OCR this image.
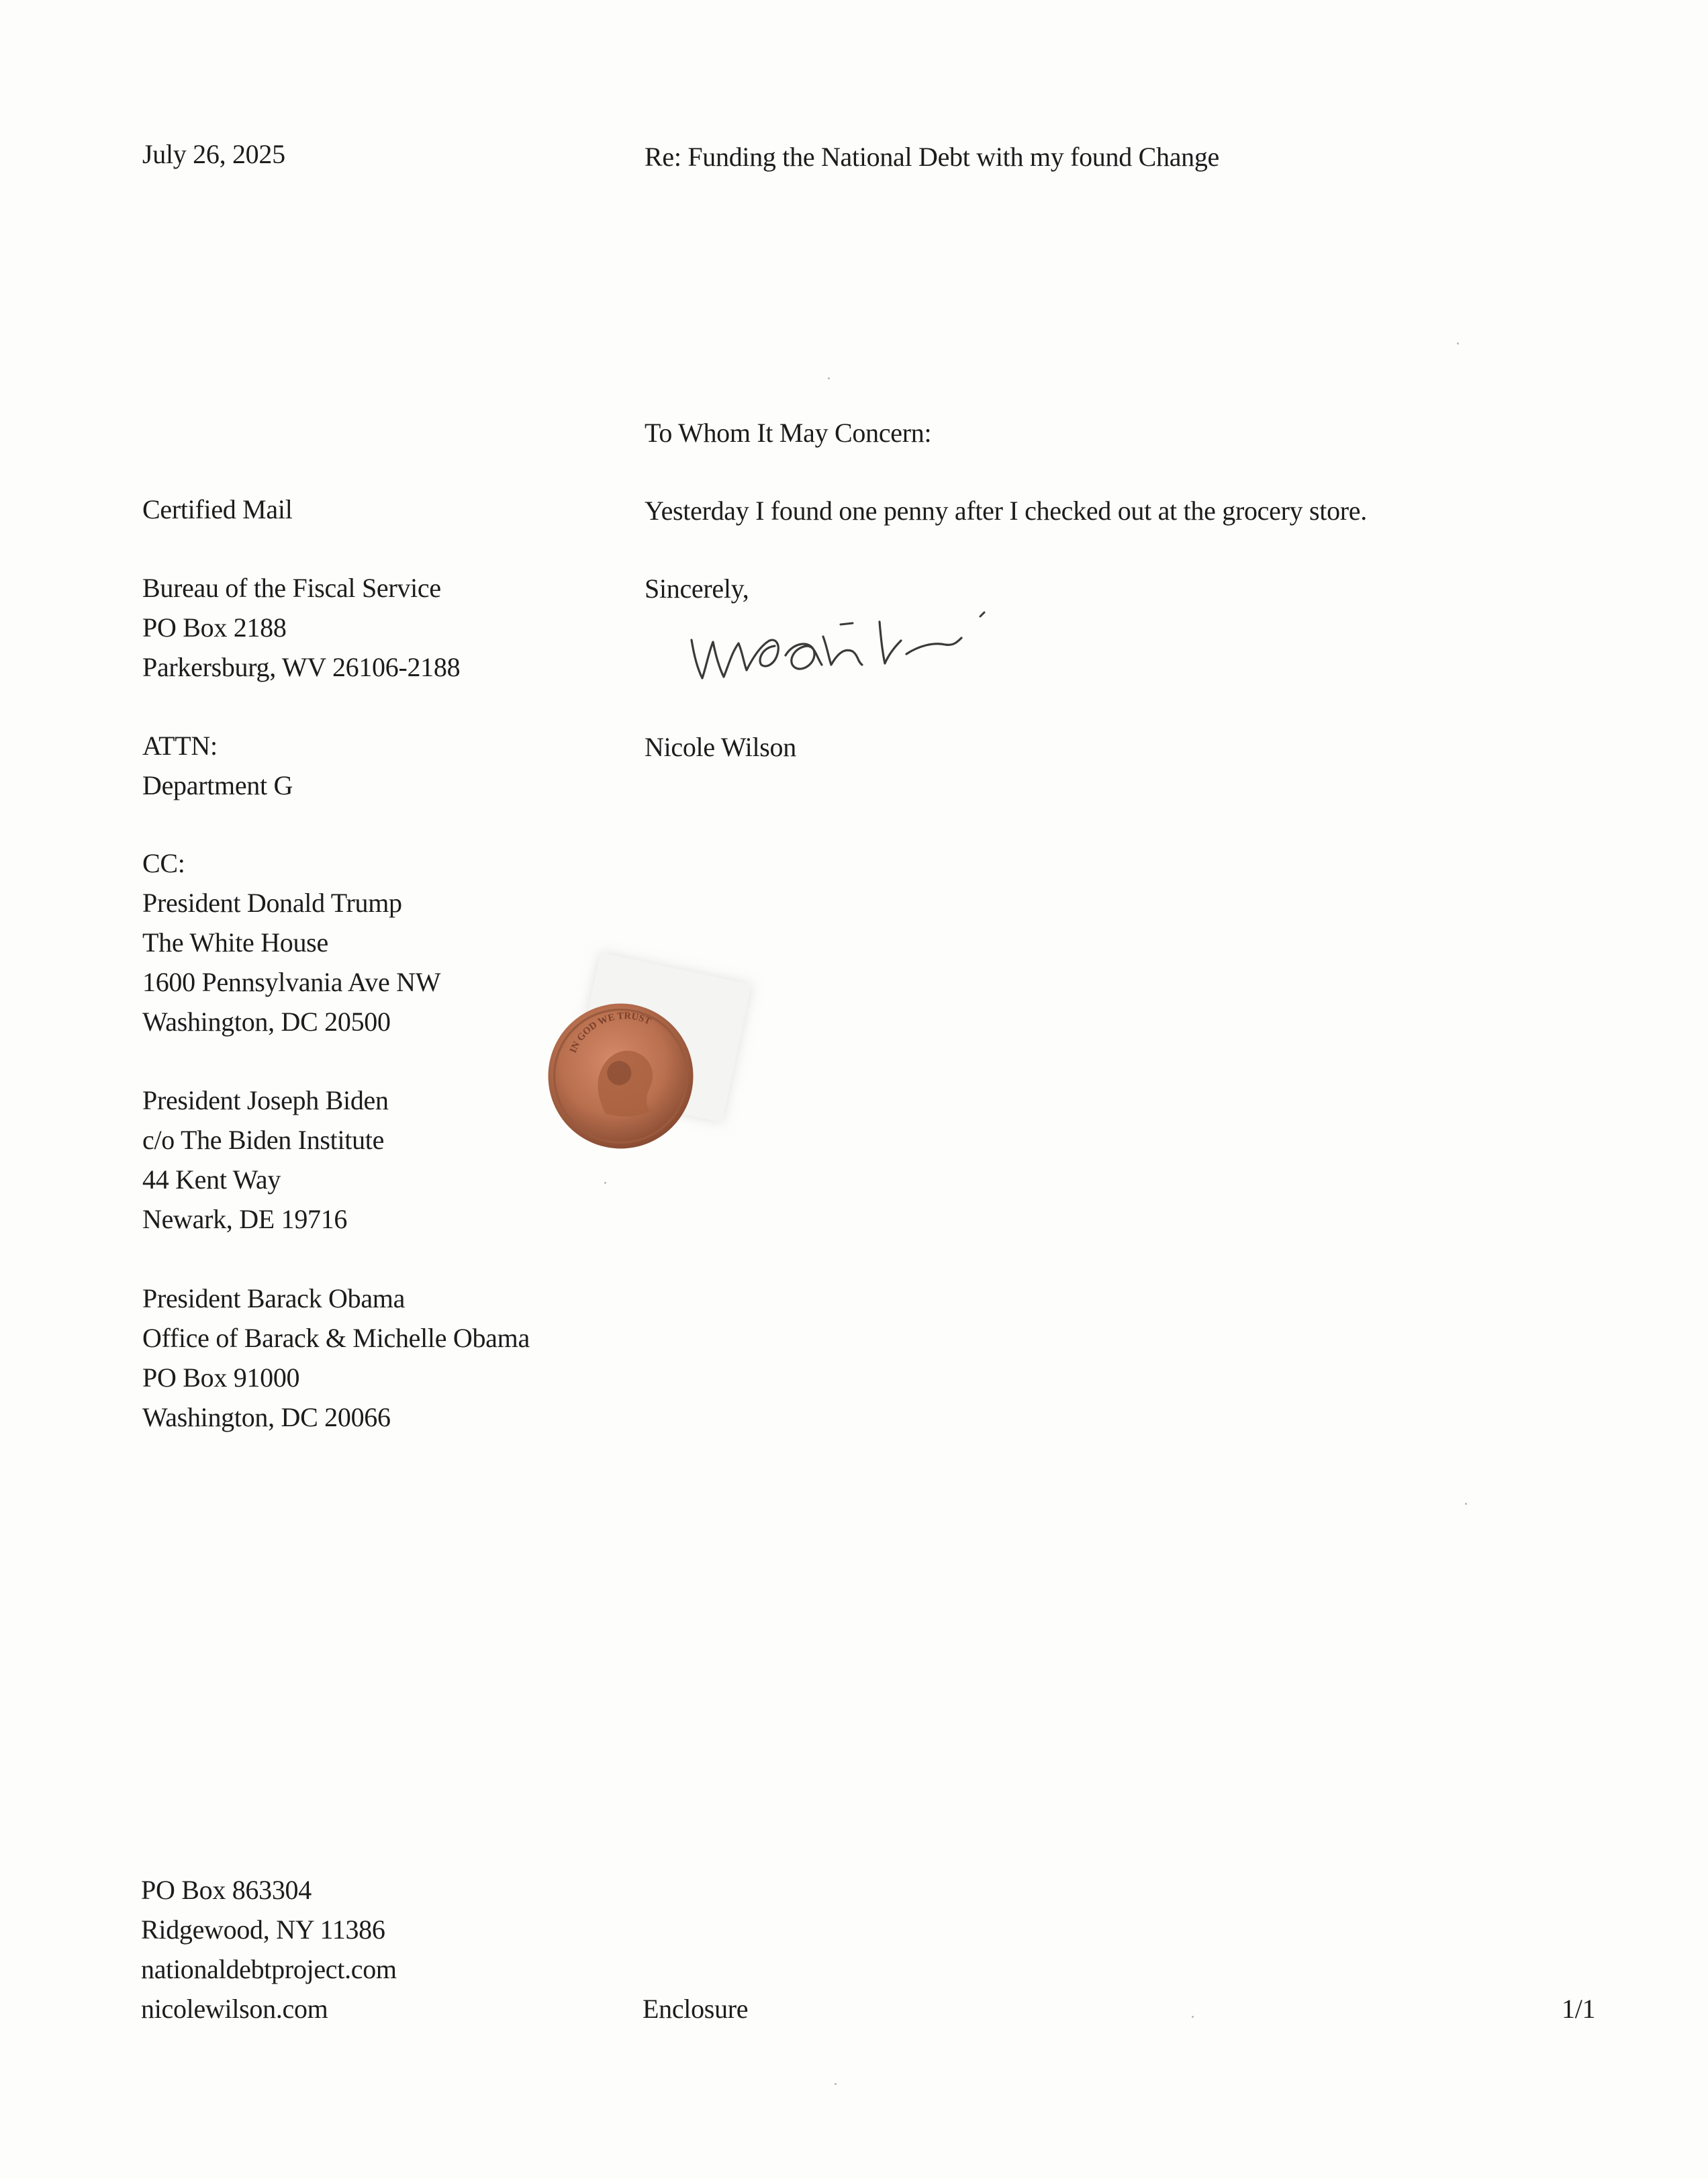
July 26, 2025	Re: Funding the National Debt with my found Change
To Whom It May Concern:
Yesterday I found one penny after I checked out at the grocery store.
Sincerely,
Nicole Wilson
Certified Mail
Bureau of the Fiscal Service
PO Box 2188
Parkersburg, WV 26106-2188
ATTN:
Department G
CC:
President Donald Trump
The White House
1600 Pennsylvania Ave NW
Washington, DC 20500
President Joseph Biden
c/o The Biden Institute
44 Kent Way
Newark, DE 19716
President Barack Obama
Office of Barack & Michelle Obama
PO Box 91000
Washington, DC 20066
IN GOD WE TRUST
PO Box 863304
Ridgewood, NY 11386
nationaldebtproject.com
nicolewilson.com	Enclosure	1/1
